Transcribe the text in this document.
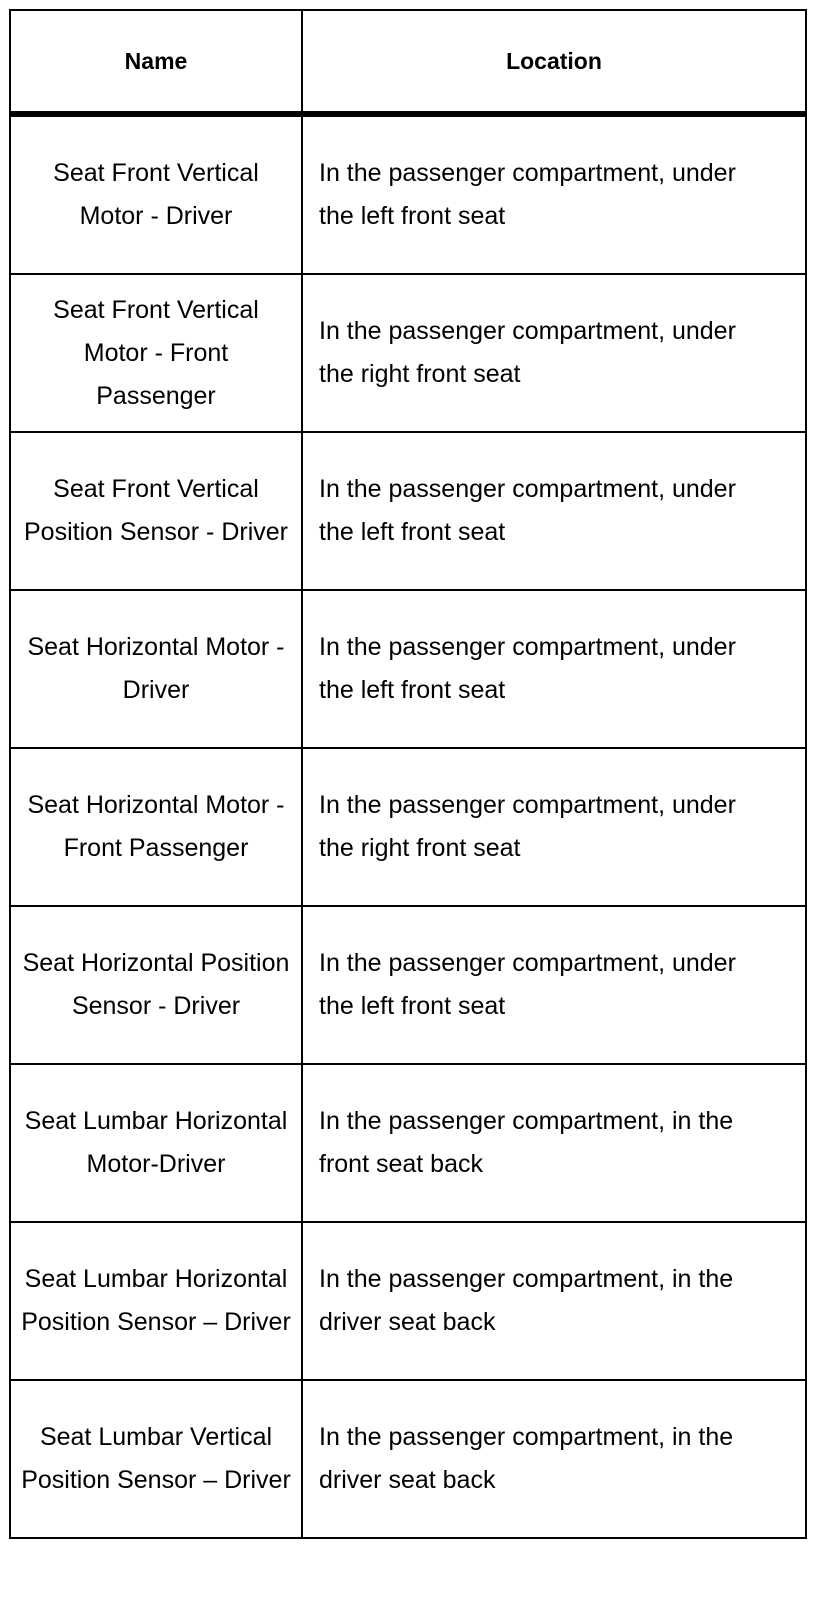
Name	Location

Seat Front Vertical Motor - Driver	In the passenger compartment, under the left front seat

Seat Front Vertical Motor - Front Passenger	In the passenger compartment, under the right front seat

Seat Front Vertical Position Sensor - Driver	In the passenger compartment, under the left front seat

Seat Horizontal Motor - Driver	In the passenger compartment, under the left front seat

Seat Horizontal Motor - Front Passenger	In the passenger compartment, under the right front seat

Seat Horizontal Position Sensor - Driver	In the passenger compartment, under the left front seat

Seat Lumbar Horizontal Motor-Driver	In the passenger compartment, in the front seat back

Seat Lumbar Horizontal Position Sensor – Driver	In the passenger compartment, in the driver seat back

Seat Lumbar Vertical Position Sensor – Driver	In the passenger compartment, in the driver seat back
